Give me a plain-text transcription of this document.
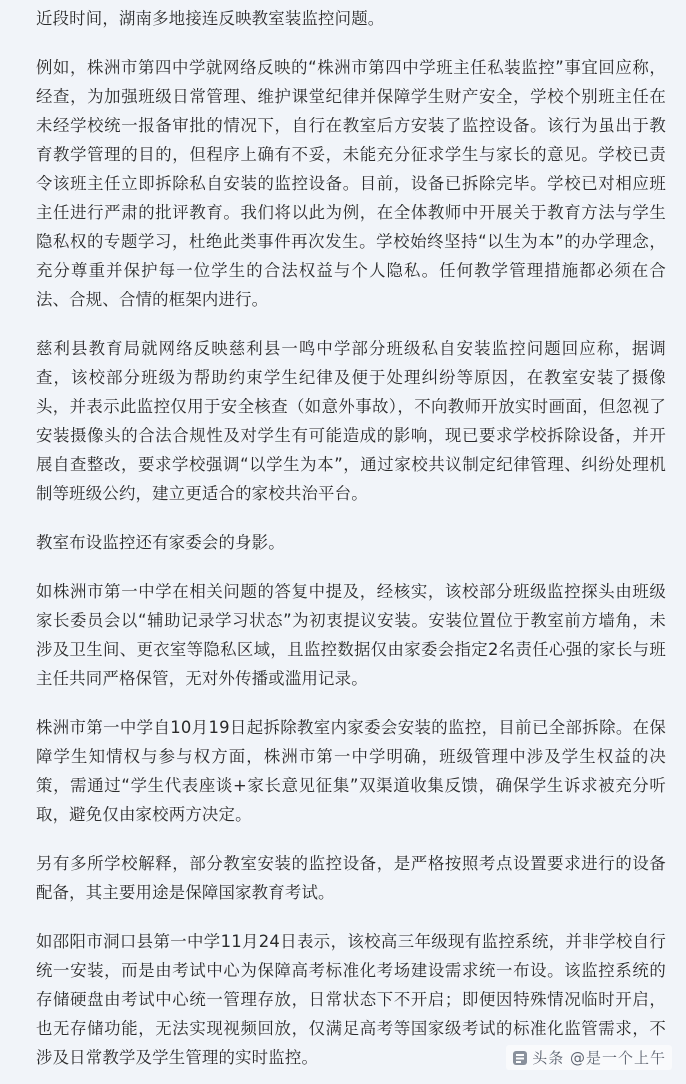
近段时间，湖南多地接连反映教室装监控问题。

例如，株洲市第四中学就网络反映的“株洲市第四中学班主任私装监控”事宜回应称，经查，为加强班级日常管理、维护课堂纪律并保障学生财产安全，学校个别班主任在未经学校统一报备审批的情况下，自行在教室后方安装了监控设备。该行为虽出于教育教学管理的目的，但程序上确有不妥，未能充分征求学生与家长的意见。学校已责令该班主任立即拆除私自安装的监控设备。目前，设备已拆除完毕。学校已对相应班主任进行严肃的批评教育。我们将以此为例，在全体教师中开展关于教育方法与学生隐私权的专题学习，杜绝此类事件再次发生。学校始终坚持“以生为本”的办学理念，充分尊重并保护每一位学生的合法权益与个人隐私。任何教学管理措施都必须在合法、合规、合情的框架内进行。

慈利县教育局就网络反映慈利县一鸣中学部分班级私自安装监控问题回应称，据调查，该校部分班级为帮助约束学生纪律及便于处理纠纷等原因，在教室安装了摄像头，并表示此监控仅用于安全核查（如意外事故），不向教师开放实时画面，但忽视了安装摄像头的合法合规性及对学生有可能造成的影响，现已要求学校拆除设备，并开展自查整改，要求学校强调“以学生为本”，通过家校共议制定纪律管理、纠纷处理机制等班级公约，建立更适合的家校共治平台。

教室布设监控还有家委会的身影。

如株洲市第一中学在相关问题的答复中提及，经核实，该校部分班级监控探头由班级家长委员会以“辅助记录学习状态”为初衷提议安装。安装位置位于教室前方墙角，未涉及卫生间、更衣室等隐私区域，且监控数据仅由家委会指定2名责任心强的家长与班主任共同严格保管，无对外传播或滥用记录。

株洲市第一中学自10月19日起拆除教室内家委会安装的监控，目前已全部拆除。在保障学生知情权与参与权方面，株洲市第一中学明确，班级管理中涉及学生权益的决策，需通过“学生代表座谈+家长意见征集”双渠道收集反馈，确保学生诉求被充分听取，避免仅由家校两方决定。

另有多所学校解释，部分教室安装的监控设备，是严格按照考点设置要求进行的设备配备，其主要用途是保障国家教育考试。

如邵阳市洞口县第一中学11月24日表示，该校高三年级现有监控系统，并非学校自行统一安装，而是由考试中心为保障高考标准化考场建设需求统一布设。该监控系统的存储硬盘由考试中心统一管理存放，日常状态下不开启；即便因特殊情况临时开启，也无存储功能，无法实现视频回放，仅满足高考等国家级考试的标准化监管需求，不涉及日常教学及学生管理的实时监控。	头条 @是一个上午
